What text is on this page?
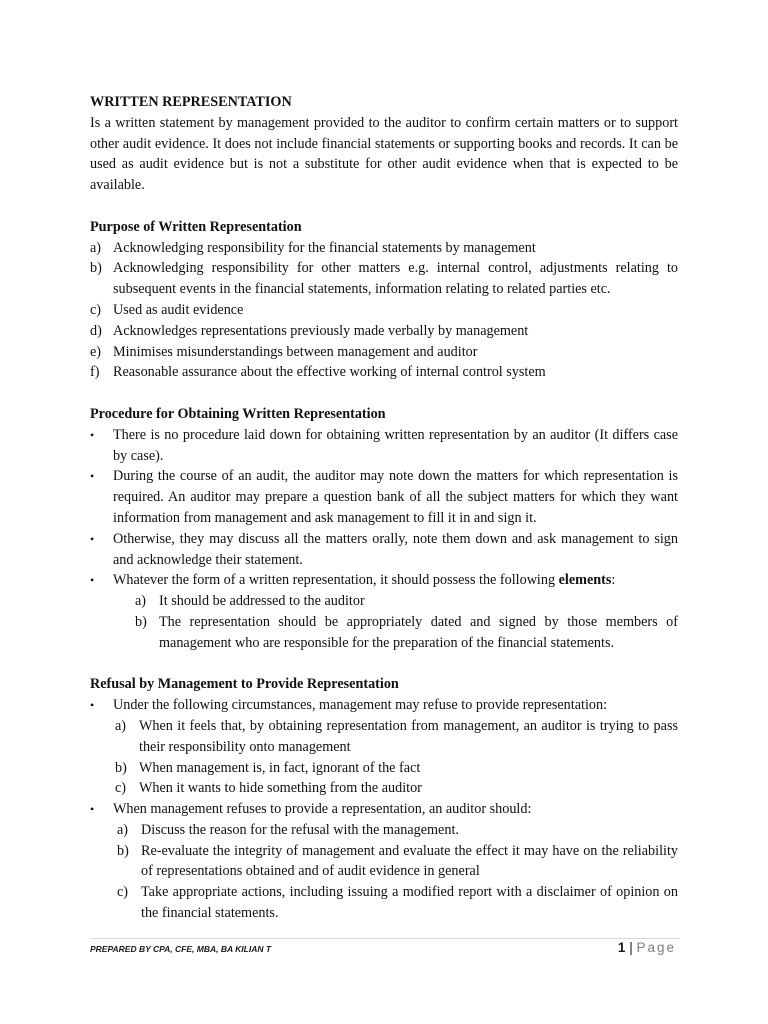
WRITTEN REPRESENTATION

Is a written statement by management provided to the auditor to confirm certain matters or to support other audit evidence. It does not include financial statements or supporting books and records. It can be used as audit evidence but is not a substitute for other audit evidence when that is expected to be available.

Purpose of Written Representation

a) Acknowledging responsibility for the financial statements by management
b) Acknowledging responsibility for other matters e.g. internal control, adjustments relating to subsequent events in the financial statements, information relating to related parties etc.
c) Used as audit evidence
d) Acknowledges representations previously made verbally by management
e) Minimises misunderstandings between management and auditor
f) Reasonable assurance about the effective working of internal control system

Procedure for Obtaining Written Representation

• There is no procedure laid down for obtaining written representation by an auditor (It differs case by case).
• During the course of an audit, the auditor may note down the matters for which representation is required. An auditor may prepare a question bank of all the subject matters for which they want information from management and ask management to fill it in and sign it.
• Otherwise, they may discuss all the matters orally, note them down and ask management to sign and acknowledge their statement.
• Whatever the form of a written representation, it should possess the following elements:
a) It should be addressed to the auditor
b) The representation should be appropriately dated and signed by those members of management who are responsible for the preparation of the financial statements.

Refusal by Management to Provide Representation

• Under the following circumstances, management may refuse to provide representation:
a) When it feels that, by obtaining representation from management, an auditor is trying to pass their responsibility onto management
b) When management is, in fact, ignorant of the fact
c) When it wants to hide something from the auditor
• When management refuses to provide a representation, an auditor should:
a) Discuss the reason for the refusal with the management.
b) Re-evaluate the integrity of management and evaluate the effect it may have on the reliability of representations obtained and of audit evidence in general
c) Take appropriate actions, including issuing a modified report with a disclaimer of opinion on the financial statements.
PREPARED BY CPA, CFE, MBA, BA KILIAN T	1 | Page
